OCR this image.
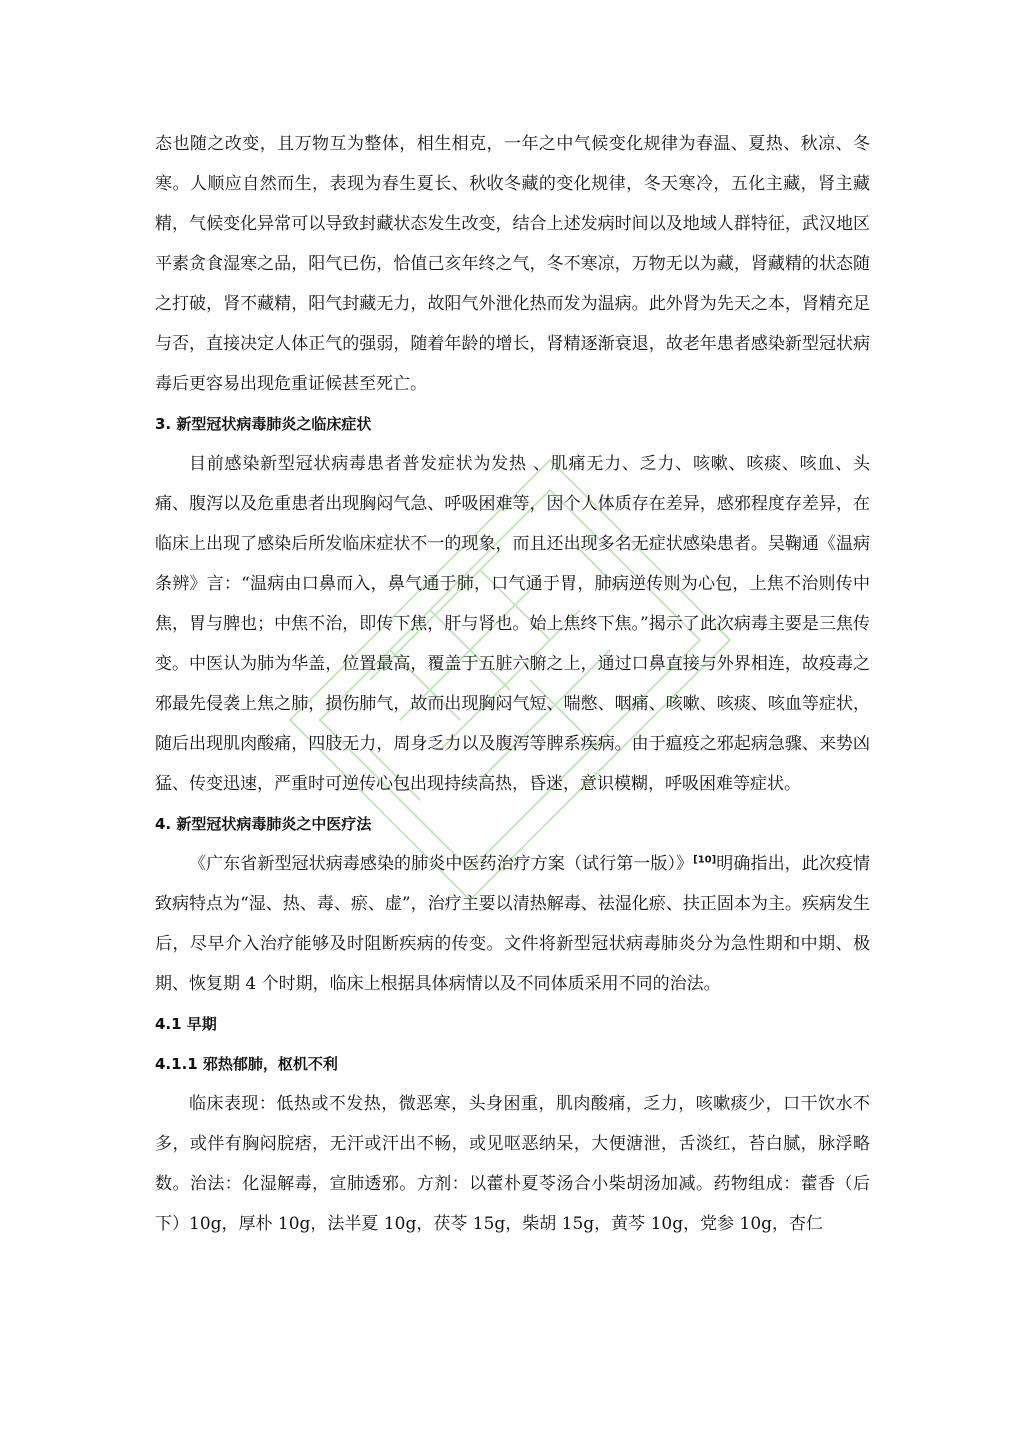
态也随之改变，且万物互为整体，相生相克，一年之中气候变化规律为春温、夏热、秋凉、冬寒。人顺应自然而生，表现为春生夏长、秋收冬藏的变化规律，冬天寒冷，五化主藏，肾主藏精，气候变化异常可以导致封藏状态发生改变，结合上述发病时间以及地域人群特征，武汉地区平素贪食湿寒之品，阳气已伤，恰值己亥年终之气，冬不寒凉，万物无以为藏，肾藏精的状态随之打破，肾不藏精，阳气封藏无力，故阳气外泄化热而发为温病。此外肾为先天之本，肾精充足与否，直接决定人体正气的强弱，随着年龄的增长，肾精逐渐衰退，故老年患者感染新型冠状病毒后更容易出现危重证候甚至死亡。

3. 新型冠状病毒肺炎之临床症状

目前感染新型冠状病毒患者普发症状为发热 、肌痛无力、乏力、咳嗽、咳痰、咳血、头痛、腹泻以及危重患者出现胸闷气急、呼吸困难等，因个人体质存在差异，感邪程度存差异，在临床上出现了感染后所发临床症状不一的现象，而且还出现多名无症状感染患者。吴鞠通《温病条辨》言：“温病由口鼻而入，鼻气通于肺，口气通于胃，肺病逆传则为心包，上焦不治则传中焦，胃与脾也；中焦不治，即传下焦，肝与肾也。始上焦终下焦。”揭示了此次病毒主要是三焦传变。中医认为肺为华盖，位置最高，覆盖于五脏六腑之上，通过口鼻直接与外界相连，故疫毒之邪最先侵袭上焦之肺，损伤肺气，故而出现胸闷气短、喘憋、咽痛、咳嗽、咳痰、咳血等症状，随后出现肌肉酸痛，四肢无力，周身乏力以及腹泻等脾系疾病。由于瘟疫之邪起病急骤、来势凶猛、传变迅速，严重时可逆传心包出现持续高热，昏迷，意识模糊，呼吸困难等症状。

4. 新型冠状病毒肺炎之中医疗法

《广东省新型冠状病毒感染的肺炎中医药治疗方案（试行第一版）》[10]明确指出，此次疫情致病特点为“湿、热、毒、瘀、虚”，治疗主要以清热解毒、祛湿化瘀、扶正固本为主。疾病发生后，尽早介入治疗能够及时阻断疾病的传变。文件将新型冠状病毒肺炎分为急性期和中期、极期、恢复期 4 个时期，临床上根据具体病情以及不同体质采用不同的治法。

4.1 早期
4.1.1 邪热郁肺，枢机不利

临床表现：低热或不发热，微恶寒，头身困重，肌肉酸痛，乏力，咳嗽痰少，口干饮水不多，或伴有胸闷脘痞，无汗或汗出不畅，或见呕恶纳呆，大便溏泄，舌淡红，苔白腻，脉浮略数。治法：化湿解毒，宣肺透邪。方剂：以藿朴夏苓汤合小柴胡汤加减。药物组成：藿香（后下）10g，厚朴 10g，法半夏 10g，茯苓 15g，柴胡 15g，黄芩 10g，党参 10g，杏仁
